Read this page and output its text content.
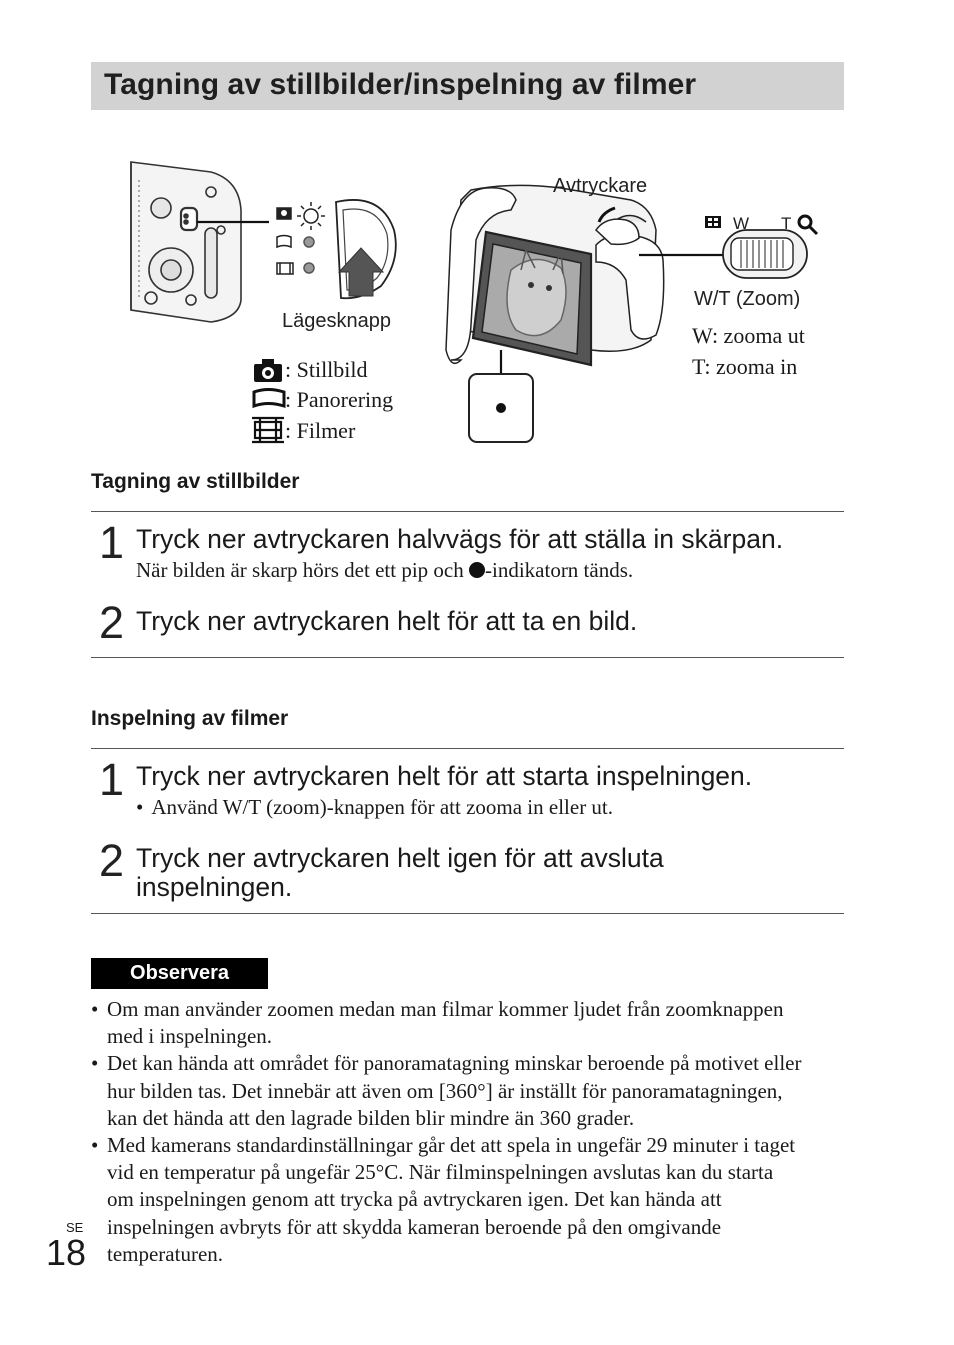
Tagning av stillbilder/inspelning av filmer
Lägesknapp
: Stillbild
: Panorering
: Filmer
Avtryckare
W T
W/T (Zoom)
W: zooma ut
T: zooma in
Tagning av stillbilder
1 Tryck ner avtryckaren halvvägs för att ställa in skärpan.
När bilden är skarp hörs det ett pip och -indikatorn tänds.
2 Tryck ner avtryckaren helt för att ta en bild.
Inspelning av filmer
1 Tryck ner avtryckaren helt för att starta inspelningen.
• Använd W/T (zoom)-knappen för att zooma in eller ut.
2 Tryck ner avtryckaren helt igen för att avsluta
inspelningen.
Observera
• Om man använder zoomen medan man filmar kommer ljudet från zoomknappen
med i inspelningen.
• Det kan hända att området för panoramatagning minskar beroende på motivet eller
hur bilden tas. Det innebär att även om [360°] är inställt för panoramatagningen,
kan det hända att den lagrade bilden blir mindre än 360 grader.
• Med kamerans standardinställningar går det att spela in ungefär 29 minuter i taget
vid en temperatur på ungefär 25°C. När filminspelningen avslutas kan du starta
om inspelningen genom att trycka på avtryckaren igen. Det kan hända att
inspelningen avbryts för att skydda kameran beroende på den omgivande
temperaturen.
SE
18
